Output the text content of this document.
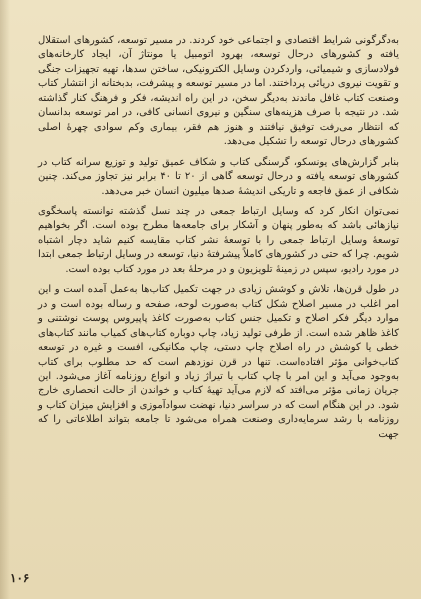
به‌دگرگونی شرایط اقتصادی و اجتماعی خود کردند. در مسیر توسعه، کشورهای استقلال یافته و کشورهای درحال توسعه، بهرود اتومبیل یا مونتاژ آن، ایجاد کارخانه‌های فولادسازی و شیمیائی، واردکردن وسایل الکترونیکی، ساختن سدها، تهیه تجهیزات جنگی و تقویت نیروی دریائی پرداختند. اما در مسیر توسعه و پیشرفت، بدبختانه از انتشار کتاب وصنعت کتاب غافل ماندند به‌دیگر سخن، در این راه اندیشه، فکر و فرهنگ کنار گذاشته شد. در نتیجه با صرف هزینه‌های سنگین و نیروی انسانی کافی، در امر توسعه بدانسان که انتظار می‌رفت توفیق نیافتند و هنوز هم فقر، بیماری وکم سوادی چهرهٔ اصلی کشورهای درحال توسعه را تشکیل می‌دهد.

بنابر گزارش‌های یونسکو، گرسنگی کتاب و شکاف عمیق تولید و توزیع سرانه کتاب در کشورهای توسعه یافته و درحال توسعه گاهی از ۲۰ تا ۴۰ برابر نیز تجاوز می‌کند. چنین شکافی از عمق فاجعه و تاریکی اندیشهٔ صدها میلیون انسان خبر می‌دهد.

نمی‌توان انکار کرد که وسایل ارتباط جمعی در چند نسل گذشته توانسته پاسخگوی نیازهائی باشد که به‌طور پنهان و آشکار برای جامعه‌ها مطرح بوده است. اگر بخواهیم توسعهٔ وسایل ارتباط جمعی را با توسعهٔ نشر کتاب مقایسه کنیم شاید دچار اشتباه شویم. چرا که حتی در کشورهای کاملاً پیشرفتهٔ دنیا، توسعه در وسایل ارتباط جمعی ابتدا در مورد رادیو، سپس در زمینهٔ تلویزیون و در مرحلهٔ بعد در مورد کتاب بوده است.

در طول قرن‌ها، تلاش و کوشش زیادی در جهت تکمیل کتاب‌ها به‌عمل آمده است و این امر اغلب در مسیر اصلاح شکل کتاب به‌صورت لوحه، صفحه و رساله بوده است و در موارد دیگر فکر اصلاح و تکمیل جنس کتاب به‌صورت کاغذ پاپیروس پوست نوشتنی و کاغذ ظاهر شده است. از طرفی تولید زیاد، چاپ دوباره کتاب‌های کمیاب مانند کتاب‌های خطی یا کوشش در راه اصلاح چاپ دستی، چاپ مکانیکی، افست و غیره در توسعه کتاب‌خوانی مؤثر افتاده‌است. تنها در قرن نوزدهم است که حد مطلوب برای کتاب به‌وجود می‌آید و این امر با چاپ کتاب با تیراژ زیاد و انواع روزنامه آغاز می‌شود. این جریان زمانی مؤثر می‌افتد که لازم می‌آید تهیهٔ کتاب و خواندن از حالت انحصاری خارج شود. در این هنگام است که در سراسر دنیا، نهضت سوادآموزی و افزایش میزان کتاب و روزنامه با رشد سرمایه‌داری وصنعت همراه می‌شود تا جامعه بتواند اطلاعاتی را که جهت

۱۰۶
